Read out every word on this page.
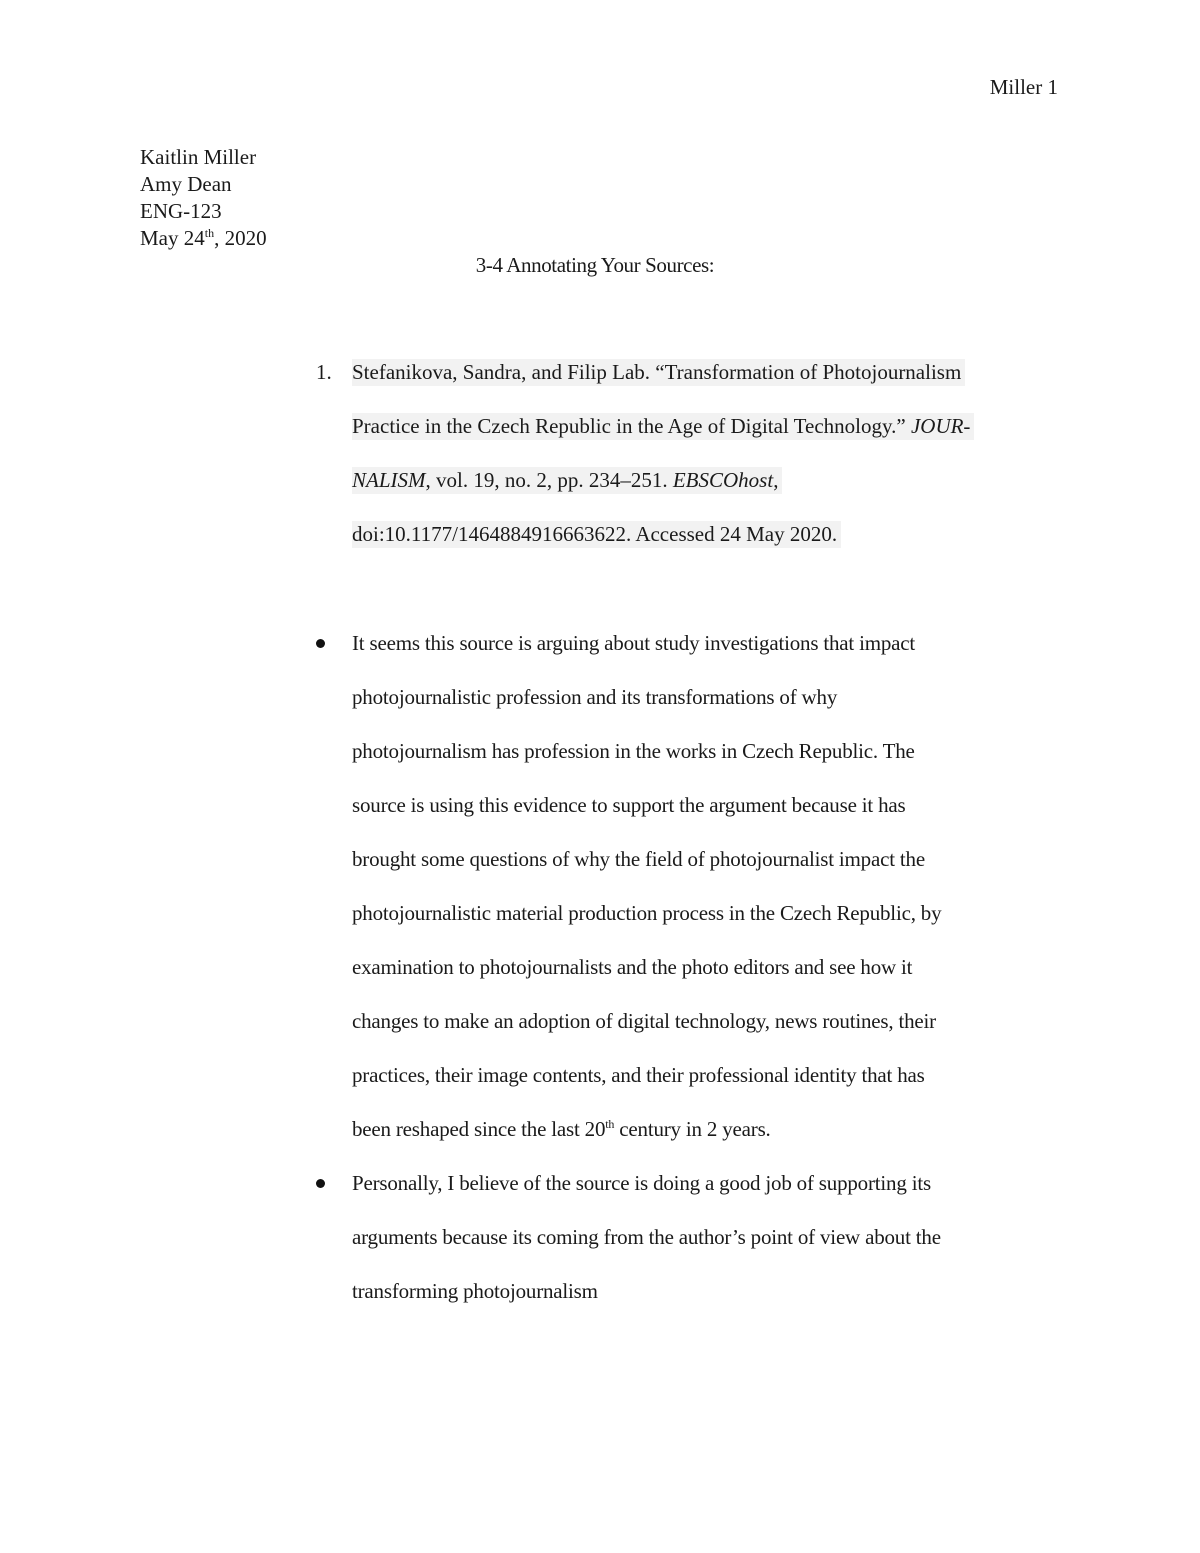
Miller 1
Kaitlin Miller
Amy Dean
ENG-123
May 24th, 2020
3-4 Annotating Your Sources:
1. Stefanikova, Sandra, and Filip Lab. “Transformation of Photojournalism
Practice in the Czech Republic in the Age of Digital Technology.” JOUR-
NALISM, vol. 19, no. 2, pp. 234–251. EBSCOhost,
doi:10.1177/1464884916663622. Accessed 24 May 2020.
It seems this source is arguing about study investigations that impact
photojournalistic profession and its transformations of why
photojournalism has profession in the works in Czech Republic. The
source is using this evidence to support the argument because it has
brought some questions of why the field of photojournalist impact the
photojournalistic material production process in the Czech Republic, by
examination to photojournalists and the photo editors and see how it
changes to make an adoption of digital technology, news routines, their
practices, their image contents, and their professional identity that has
been reshaped since the last 20th century in 2 years.
Personally, I believe of the source is doing a good job of supporting its
arguments because its coming from the author’s point of view about the
transforming photojournalism
